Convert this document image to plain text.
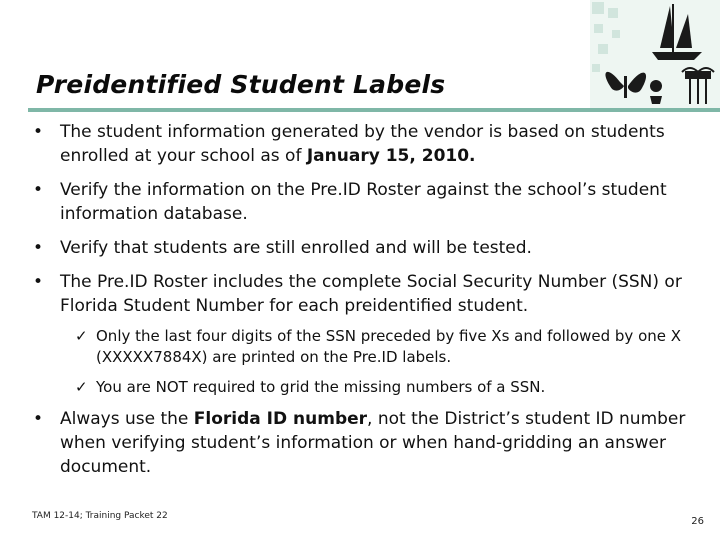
Preidentified Student Labels
• The student information generated by the vendor is based on students enrolled at your school as of January 15, 2010.
• Verify the information on the Pre.ID Roster against the school’s student information database.
• Verify that students are still enrolled and will be tested.
• The Pre.ID Roster includes the complete Social Security Number (SSN) or Florida Student Number for each preidentified student.
✓ Only the last four digits of the SSN preceded by five Xs and followed by one X (XXXXX7884X) are printed on the Pre.ID labels.
✓ You are NOT required to grid the missing numbers of a SSN.
• Always use the Florida ID number, not the District’s student ID number when verifying student’s information or when hand-gridding an answer document.
TAM 12-14; Training Packet 22	26
